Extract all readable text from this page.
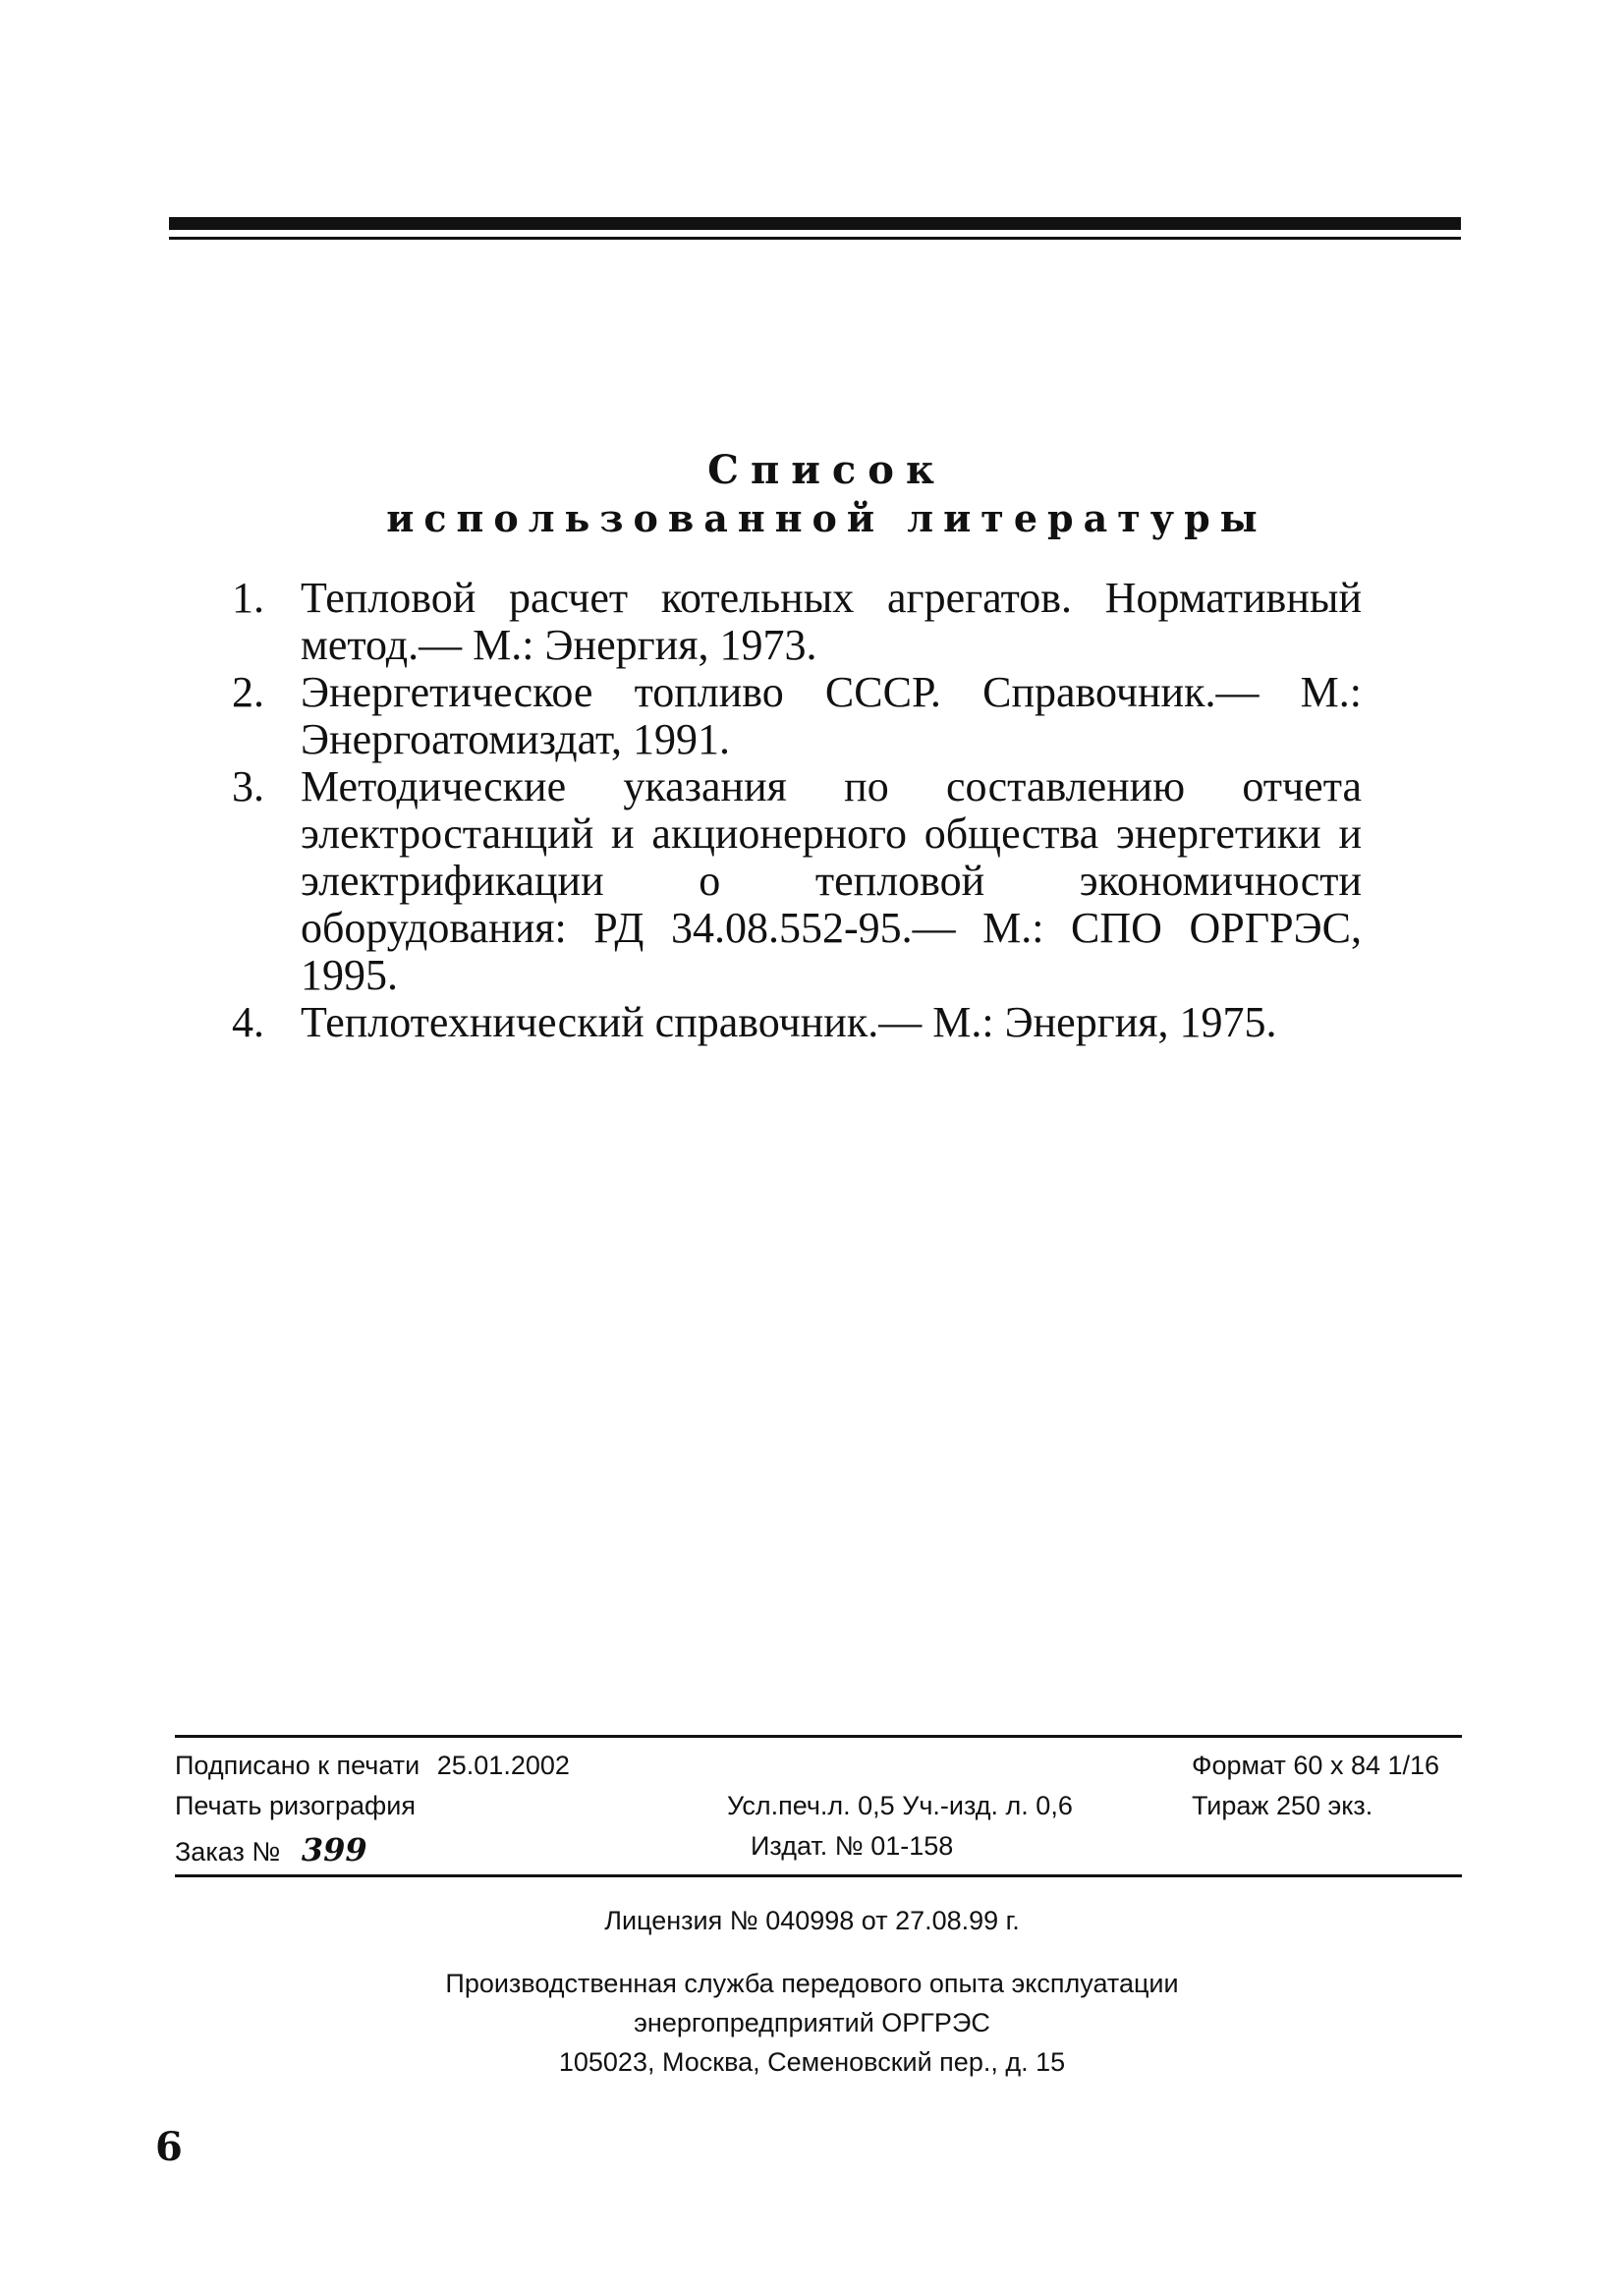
Список
использованной литературы
1. Тепловой расчет котельных агрегатов. Нормативный метод.— М.: Энергия, 1973.
2. Энергетическое топливо СССР. Справочник.— М.: Энергоатомиздат, 1991.
3. Методические указания по составлению отчета электростанций и акционерного общества энергетики и электрификации о тепловой экономичности оборудования: РД 34.08.552-95.— М.: СПО ОРГРЭС, 1995.
4. Теплотехнический справочник.— М.: Энергия, 1975.
Подписано к печати 25.01.2002	Формат 60 х 84 1/16
Печать ризография	Усл.печ.л. 0,5 Уч.-изд. л. 0,6	Тираж 250 экз.
Заказ № 399	Издат. № 01-158
Лицензия № 040998 от 27.08.99 г.
Производственная служба передового опыта эксплуатации
энергопредприятий ОРГРЭС
105023, Москва, Семеновский пер., д. 15
6
